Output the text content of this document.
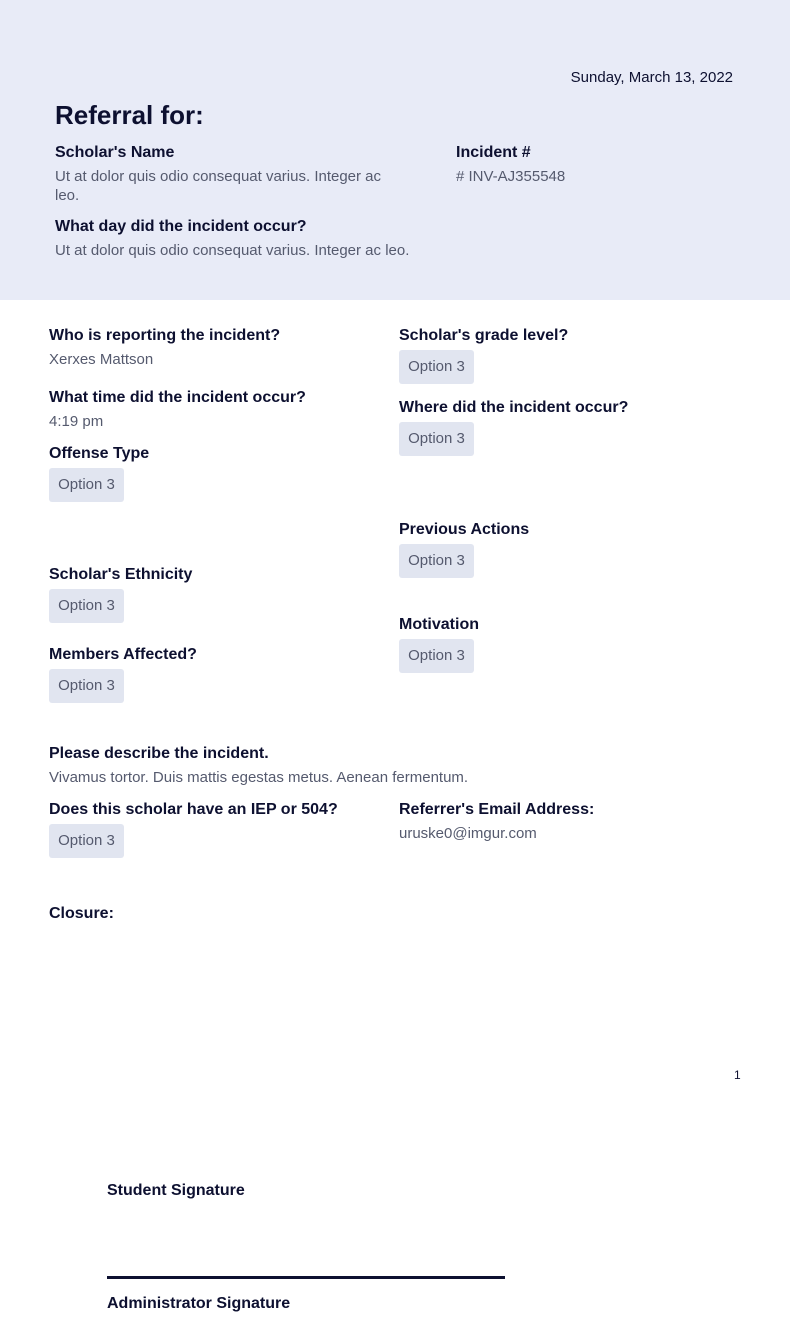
Sunday, March 13, 2022
Referral for:
Scholar's Name
Ut at dolor quis odio consequat varius. Integer ac leo.
Incident #
# INV-AJ355548
What day did the incident occur?
Ut at dolor quis odio consequat varius. Integer ac leo.
Who is reporting the incident?
Xerxes Mattson
What time did the incident occur?
4:19 pm
Offense Type
Option 3
Scholar's Ethnicity
Option 3
Members Affected?
Option 3
Scholar's grade level?
Option 3
Where did the incident occur?
Option 3
Previous Actions
Option 3
Motivation
Option 3
Please describe the incident.
Vivamus tortor. Duis mattis egestas metus. Aenean fermentum.
Does this scholar have an IEP or 504?
Option 3
Referrer's Email Address:
uruske0@imgur.com
Closure:
1
Student Signature
Administrator Signature
